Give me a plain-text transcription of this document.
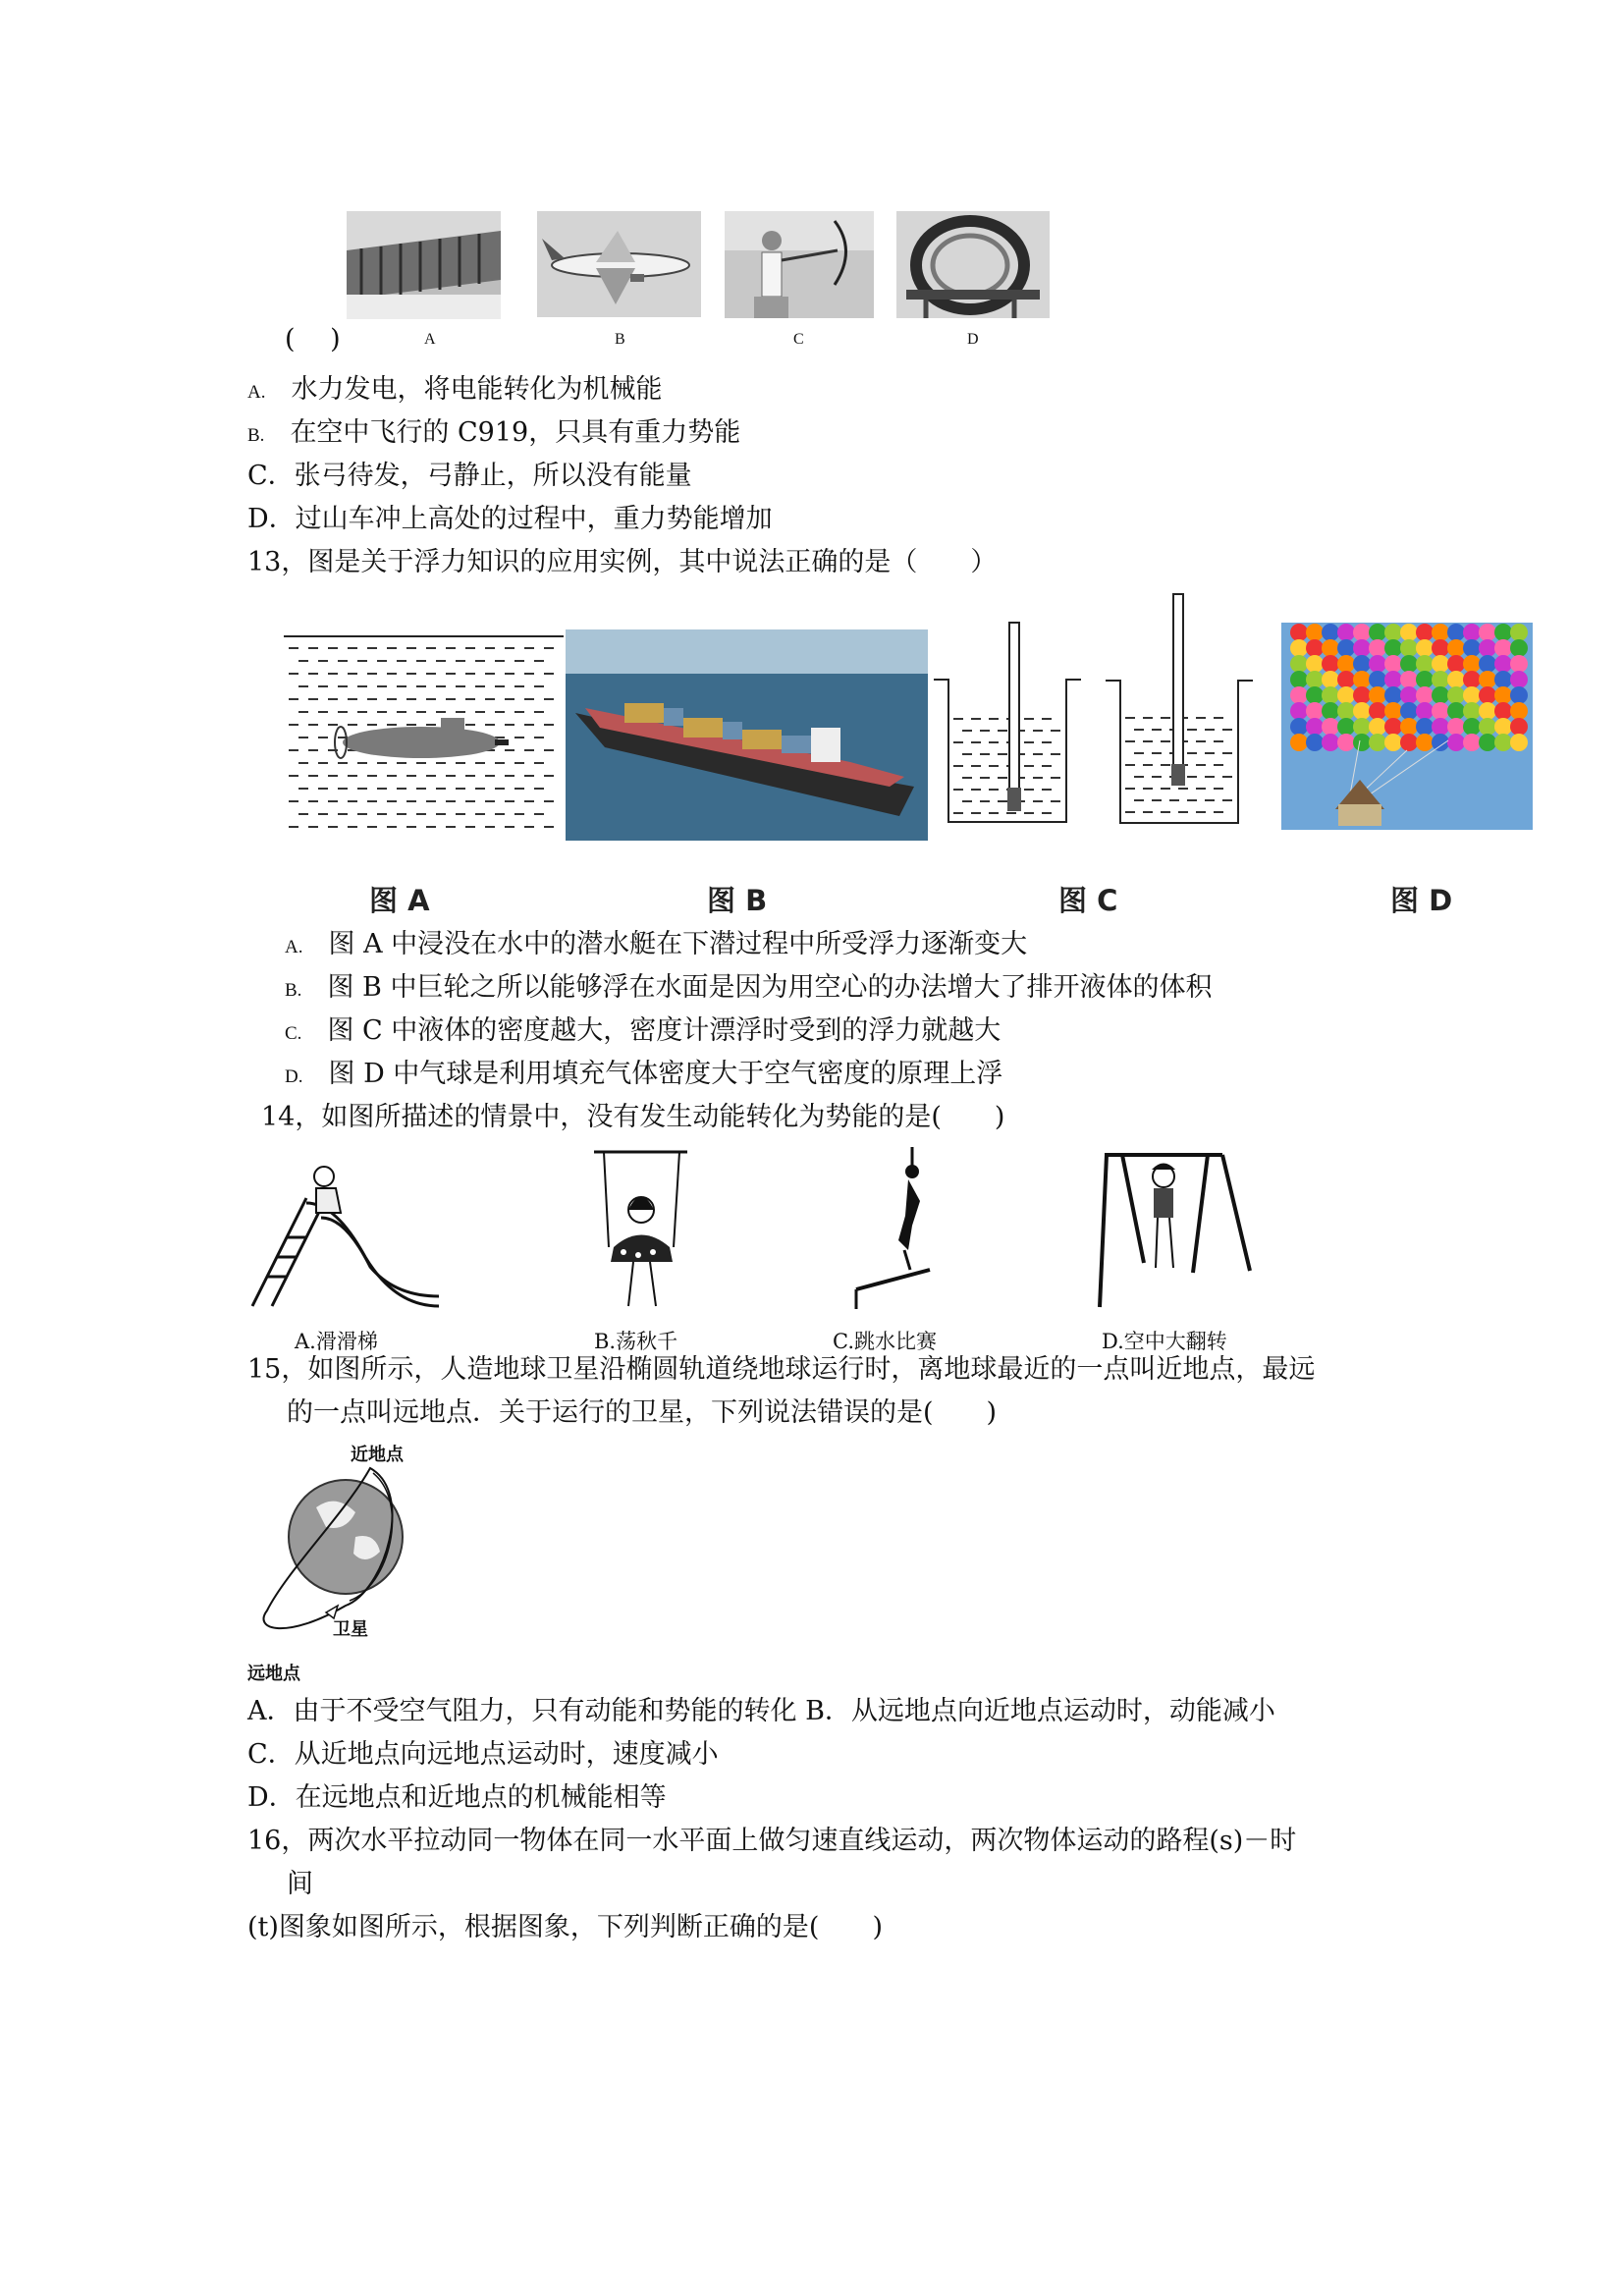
A	B	C	D
(　 )
A. 水力发电，将电能转化为机械能
B. 在空中飞行的 C919，只具有重力势能
C．张弓待发，弓静止，所以没有能量
D．过山车冲上高处的过程中，重力势能增加
13，图是关于浮力知识的应用实例，其中说法正确的是（　　）
图 A	图 B	图 C	图 D
A. 图 A 中浸没在水中的潜水艇在下潜过程中所受浮力逐渐变大
B. 图 B 中巨轮之所以能够浮在水面是因为用空心的办法增大了排开液体的体积
C. 图 C 中液体的密度越大，密度计漂浮时受到的浮力就越大
D. 图 D 中气球是利用填充气体密度大于空气密度的原理上浮
14，如图所描述的情景中，没有发生动能转化为势能的是(　　)
A.滑滑梯	B.荡秋千	C.跳水比赛	D.空中大翻转
15，如图所示，人造地球卫星沿椭圆轨道绕地球运行时，离地球最近的一点叫近地点，最远
的一点叫远地点．关于运行的卫星，下列说法错误的是(　　)
近地点
卫星
远地点
A．由于不受空气阻力，只有动能和势能的转化 B．从远地点向近地点运动时，动能减小
C．从近地点向远地点运动时，速度减小
D．在远地点和近地点的机械能相等
16，两次水平拉动同一物体在同一水平面上做匀速直线运动，两次物体运动的路程(s)－时
间
(t)图象如图所示，根据图象，下列判断正确的是(　　)
